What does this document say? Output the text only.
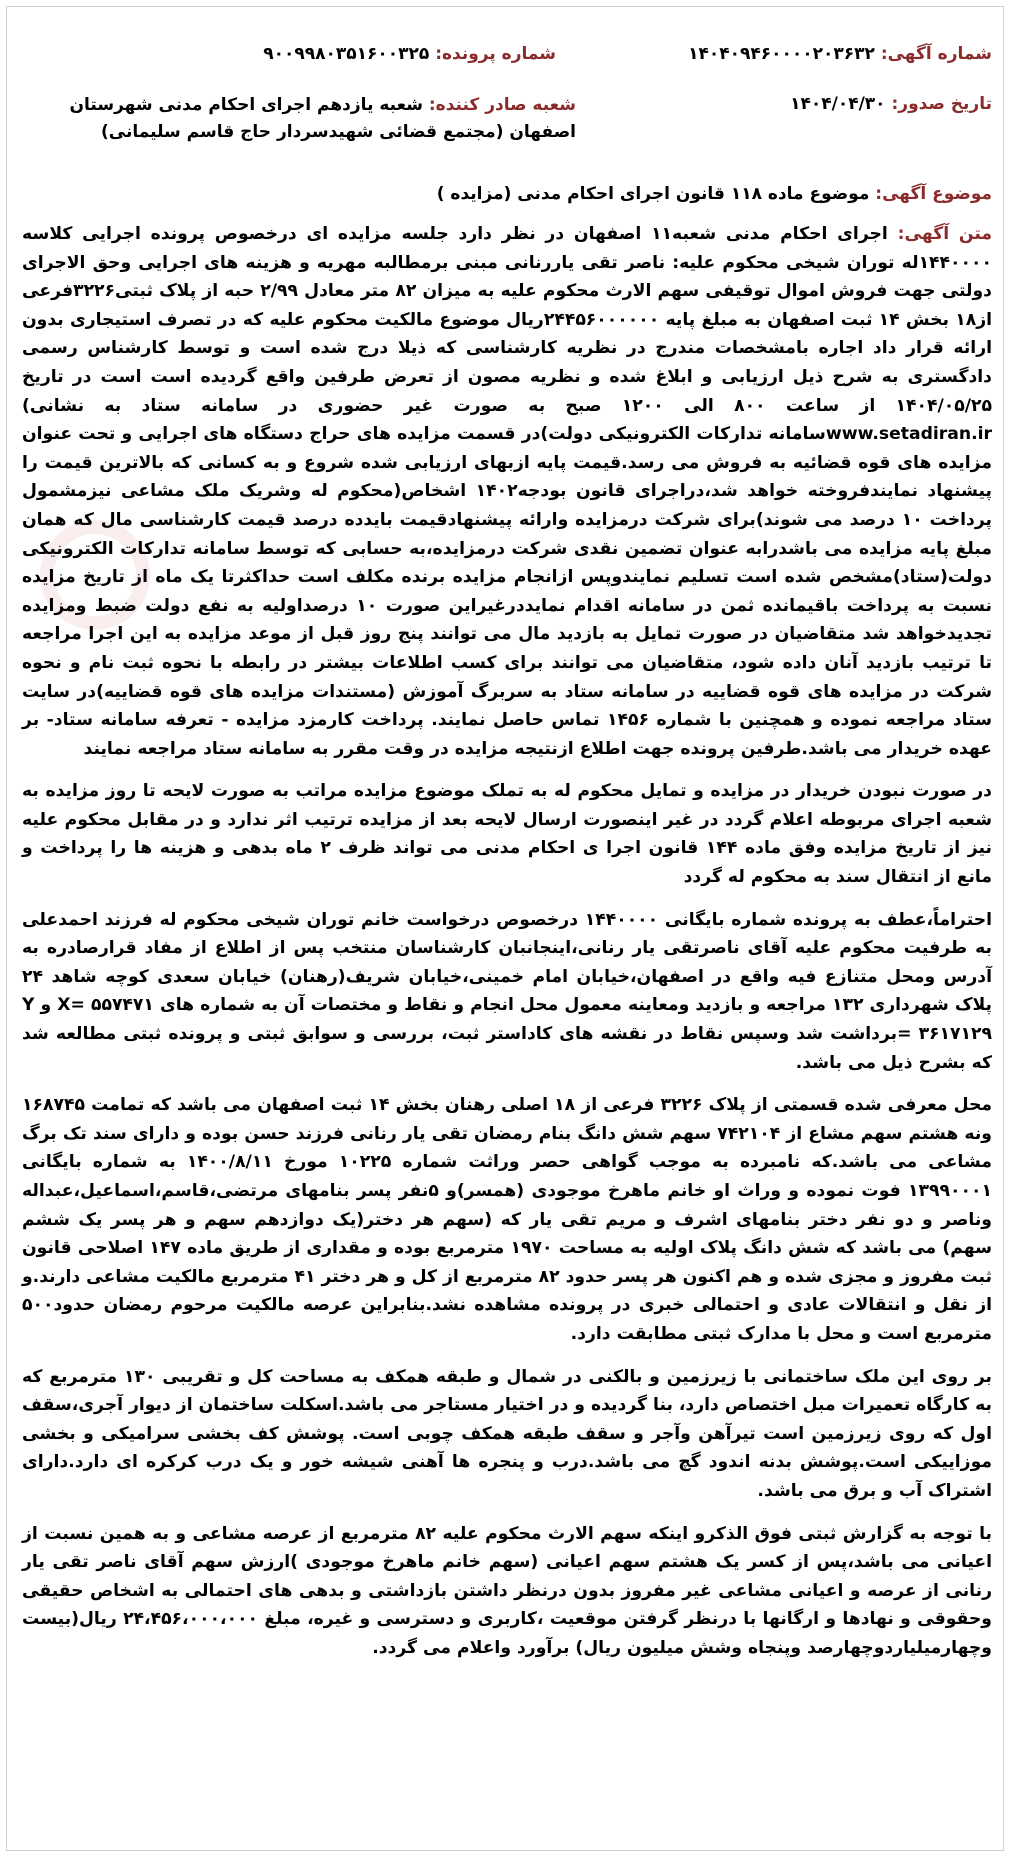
شماره آگهی: ۱۴۰۴۰۹۴۶۰۰۰۰۲۰۳۶۳۲
شماره پرونده: ۹۰۰۹۹۸۰۳۵۱۶۰۰۳۲۵
تاریخ صدور: ۱۴۰۴/۰۴/۳۰
شعبه صادر کننده: شعبه یازدهم اجرای احکام مدنی شهرستان اصفهان (مجتمع قضائی شهیدسردار حاج قاسم سلیمانی)
موضوع آگهی: موضوع ماده ۱۱۸ قانون اجرای احکام مدنی (مزایده )

متن آگهی: اجرای احکام مدنی شعبه۱۱ اصفهان در نظر دارد جلسه مزایده ای درخصوص پرونده اجرایی کلاسه ۱۴۴۰۰۰۰له توران شیخی محکوم علیه: ناصر تقی یاررنانی مبنی برمطالبه مهریه و هزینه های اجرایی وحق الاجرای دولتی جهت فروش اموال توقیفی سهم الارث محکوم علیه به میزان ۸۲ متر معادل ۲/۹۹ حبه از پلاک ثبتی۳۲۲۶فرعی از۱۸ بخش ۱۴ ثبت اصفهان به مبلغ پایه ۲۴۴۵۶۰۰۰۰۰۰ریال موضوع مالکیت محکوم علیه که در تصرف استیجاری بدون ارائه قرار داد اجاره بامشخصات مندرج در نظریه کارشناسی که ذیلا درج شده است و توسط کارشناس رسمی دادگستری به شرح ذیل ارزیابی و ابلاغ شده و نظریه مصون از تعرض طرفین واقع گردیده است است در تاریخ ۱۴۰۴/۰۵/۲۵ از ساعت ۸۰۰ الی ۱۲۰۰ صبح به صورت غیر حضوری در سامانه ستاد به نشانی) www.setadiran.irسامانه تدارکات الکترونیکی دولت)در قسمت مزایده های حراج دستگاه های اجرایی و تحت عنوان مزایده های قوه قضائیه به فروش می رسد.قیمت پایه ازبهای ارزیابی شده شروع و به کسانی که بالاترین قیمت را پیشنهاد نمایندفروخته خواهد شد،دراجرای قانون بودجه۱۴۰۲ اشخاص(محکوم له وشریک ملک مشاعی نیزمشمول پرداخت ۱۰ درصد می شوند)برای شرکت درمزایده وارائه پیشنهادقیمت بایدده درصد قیمت کارشناسی مال که همان مبلغ پایه مزایده می باشدرابه عنوان تضمین نقدی شرکت درمزایده،به حسابی که توسط سامانه تدارکات الکترونیکی دولت(ستاد)مشخص شده است تسلیم نمایندوپس ازانجام مزایده برنده مکلف است حداکثرتا یک ماه از تاریخ مزایده نسبت به پرداخت باقیمانده ثمن در سامانه اقدام نمایددرغیراین صورت ۱۰ درصداولیه به نفع دولت ضبط ومزایده تجدیدخواهد شد متقاضیان در صورت تمایل به بازدید مال می توانند پنج روز قبل از موعد مزایده به این اجرا مراجعه تا ترتیب بازدید آنان داده شود، متقاضیان می توانند برای کسب اطلاعات بیشتر در رابطه با نحوه ثبت نام و نحوه شرکت در مزایده های قوه قضاییه در سامانه ستاد به سربرگ آموزش (مستندات مزایده های قوه قضاییه)در سایت ستاد مراجعه نموده و همچنین با شماره ۱۴۵۶ تماس حاصل نمایند. پرداخت کارمزد مزایده - تعرفه سامانه ستاد- بر عهده خریدار می باشد.طرفین پرونده جهت اطلاع ازنتیجه مزایده در وقت مقرر به سامانه ستاد مراجعه نمایند

در صورت نبودن خریدار در مزایده و تمایل محکوم له به تملک موضوع مزایده مراتب به صورت لایحه تا روز مزایده به شعبه اجرای مربوطه اعلام گردد در غیر اینصورت ارسال لایحه بعد از مزایده ترتیب اثر ندارد و در مقابل محکوم علیه نیز از تاریخ مزایده وفق ماده ۱۴۴ قانون اجرا ی احکام مدنی می تواند ظرف ۲ ماه بدهی و هزینه ها را پرداخت و مانع از انتقال سند به محکوم له گردد

احتراماً،عطف به پرونده شماره بایگانی ۱۴۴۰۰۰۰ درخصوص درخواست خانم توران شیخی محکوم له فرزند احمدعلی به طرفیت محکوم علیه آقای ناصرتقی یار رنانی،اینجانبان کارشناسان منتخب پس از اطلاع از مفاد قرارصادره به آدرس ومحل متنازع فیه واقع در اصفهان،خیابان امام خمینی،خیابان شریف(رهنان) خیابان سعدی کوچه شاهد ۲۴ پلاک شهرداری ۱۳۲ مراجعه و بازدید ومعاینه معمول محل انجام و نقاط و مختصات آن به شماره های X= ۵۵۷۴۷۱ و Y = ۳۶۱۷۱۲۹برداشت شد وسپس نقاط در نقشه های کاداستر ثبت، بررسی و سوابق ثبتی و پرونده ثبتی مطالعه شد که بشرح ذیل می باشد.

محل معرفی شده قسمتی از پلاک ۳۲۲۶ فرعی از ۱۸ اصلی رهنان بخش ۱۴ ثبت اصفهان می باشد که تمامت ۱۶۸۷۴۵ ونه هشتم سهم مشاع از ۷۴۲۱۰۴ سهم شش دانگ بنام رمضان تقی یار رنانی فرزند حسن بوده و دارای سند تک برگ مشاعی می باشد.که نامبرده به موجب گواهی حصر وراثت شماره ۱۰۲۲۵ مورخ ۱۴۰۰/۸/۱۱ به شماره بایگانی ۱۳۹۹۰۰۰۱ فوت نموده و وراث او خانم ماهرخ موجودی (همسر)و ۵نفر پسر بنامهای مرتضی،قاسم،اسماعیل،عبداله وناصر و دو نفر دختر بنامهای اشرف و مریم تقی یار که (سهم هر دختر(یک دوازدهم سهم و هر پسر یک ششم سهم) می باشد که شش دانگ پلاک اولیه به مساحت ۱۹۷۰ مترمربع بوده و مقداری از طریق ماده ۱۴۷ اصلاحی قانون ثبت مفروز و مجزی شده و هم اکنون هر پسر حدود ۸۲ مترمربع از کل و هر دختر ۴۱ مترمربع مالکیت مشاعی دارند.و از نقل و انتقالات عادی و احتمالی خبری در پرونده مشاهده نشد.بنابراین عرصه مالکیت مرحوم رمضان حدود۵۰۰ مترمربع است و محل با مدارک ثبتی مطابقت دارد.

بر روی این ملک ساختمانی با زیرزمین و بالکنی در شمال و طبقه همکف به مساحت کل و تقریبی ۱۳۰ مترمربع که به کارگاه تعمیرات مبل اختصاص دارد، بنا گردیده و در اختیار مستاجر می باشد.اسکلت ساختمان از دیوار آجری،سقف اول که روی زیرزمین است تیرآهن وآجر و سقف طبقه همکف چوبی است. پوشش کف بخشی سرامیکی و بخشی موزاییکی است.پوشش بدنه اندود گچ می باشد.درب و پنجره ها آهنی شیشه خور و یک درب کرکره ای دارد.دارای اشتراک آب و برق می باشد.

با توجه به گزارش ثبتی فوق الذکرو اینکه سهم الارث محکوم علیه ۸۲ مترمربع از عرصه مشاعی و به همین نسبت از اعیانی می باشد،پس از کسر یک هشتم سهم اعیانی (سهم خانم ماهرخ موجودی )ارزش سهم آقای ناصر تقی یار رنانی از عرصه و اعیانی مشاعی غیر مفروز بدون درنظر داشتن بازداشتی و بدهی های احتمالی به اشخاص حقیقی وحقوقی و نهادها و ارگانها با درنظر گرفتن موقعیت ،کاربری و دسترسی و غیره، مبلغ ۲۴،۴۵۶،۰۰۰،۰۰۰ ریال(بیست وچهارمیلیاردوچهارصد وپنجاه وشش میلیون ریال) برآورد واعلام می گردد.
